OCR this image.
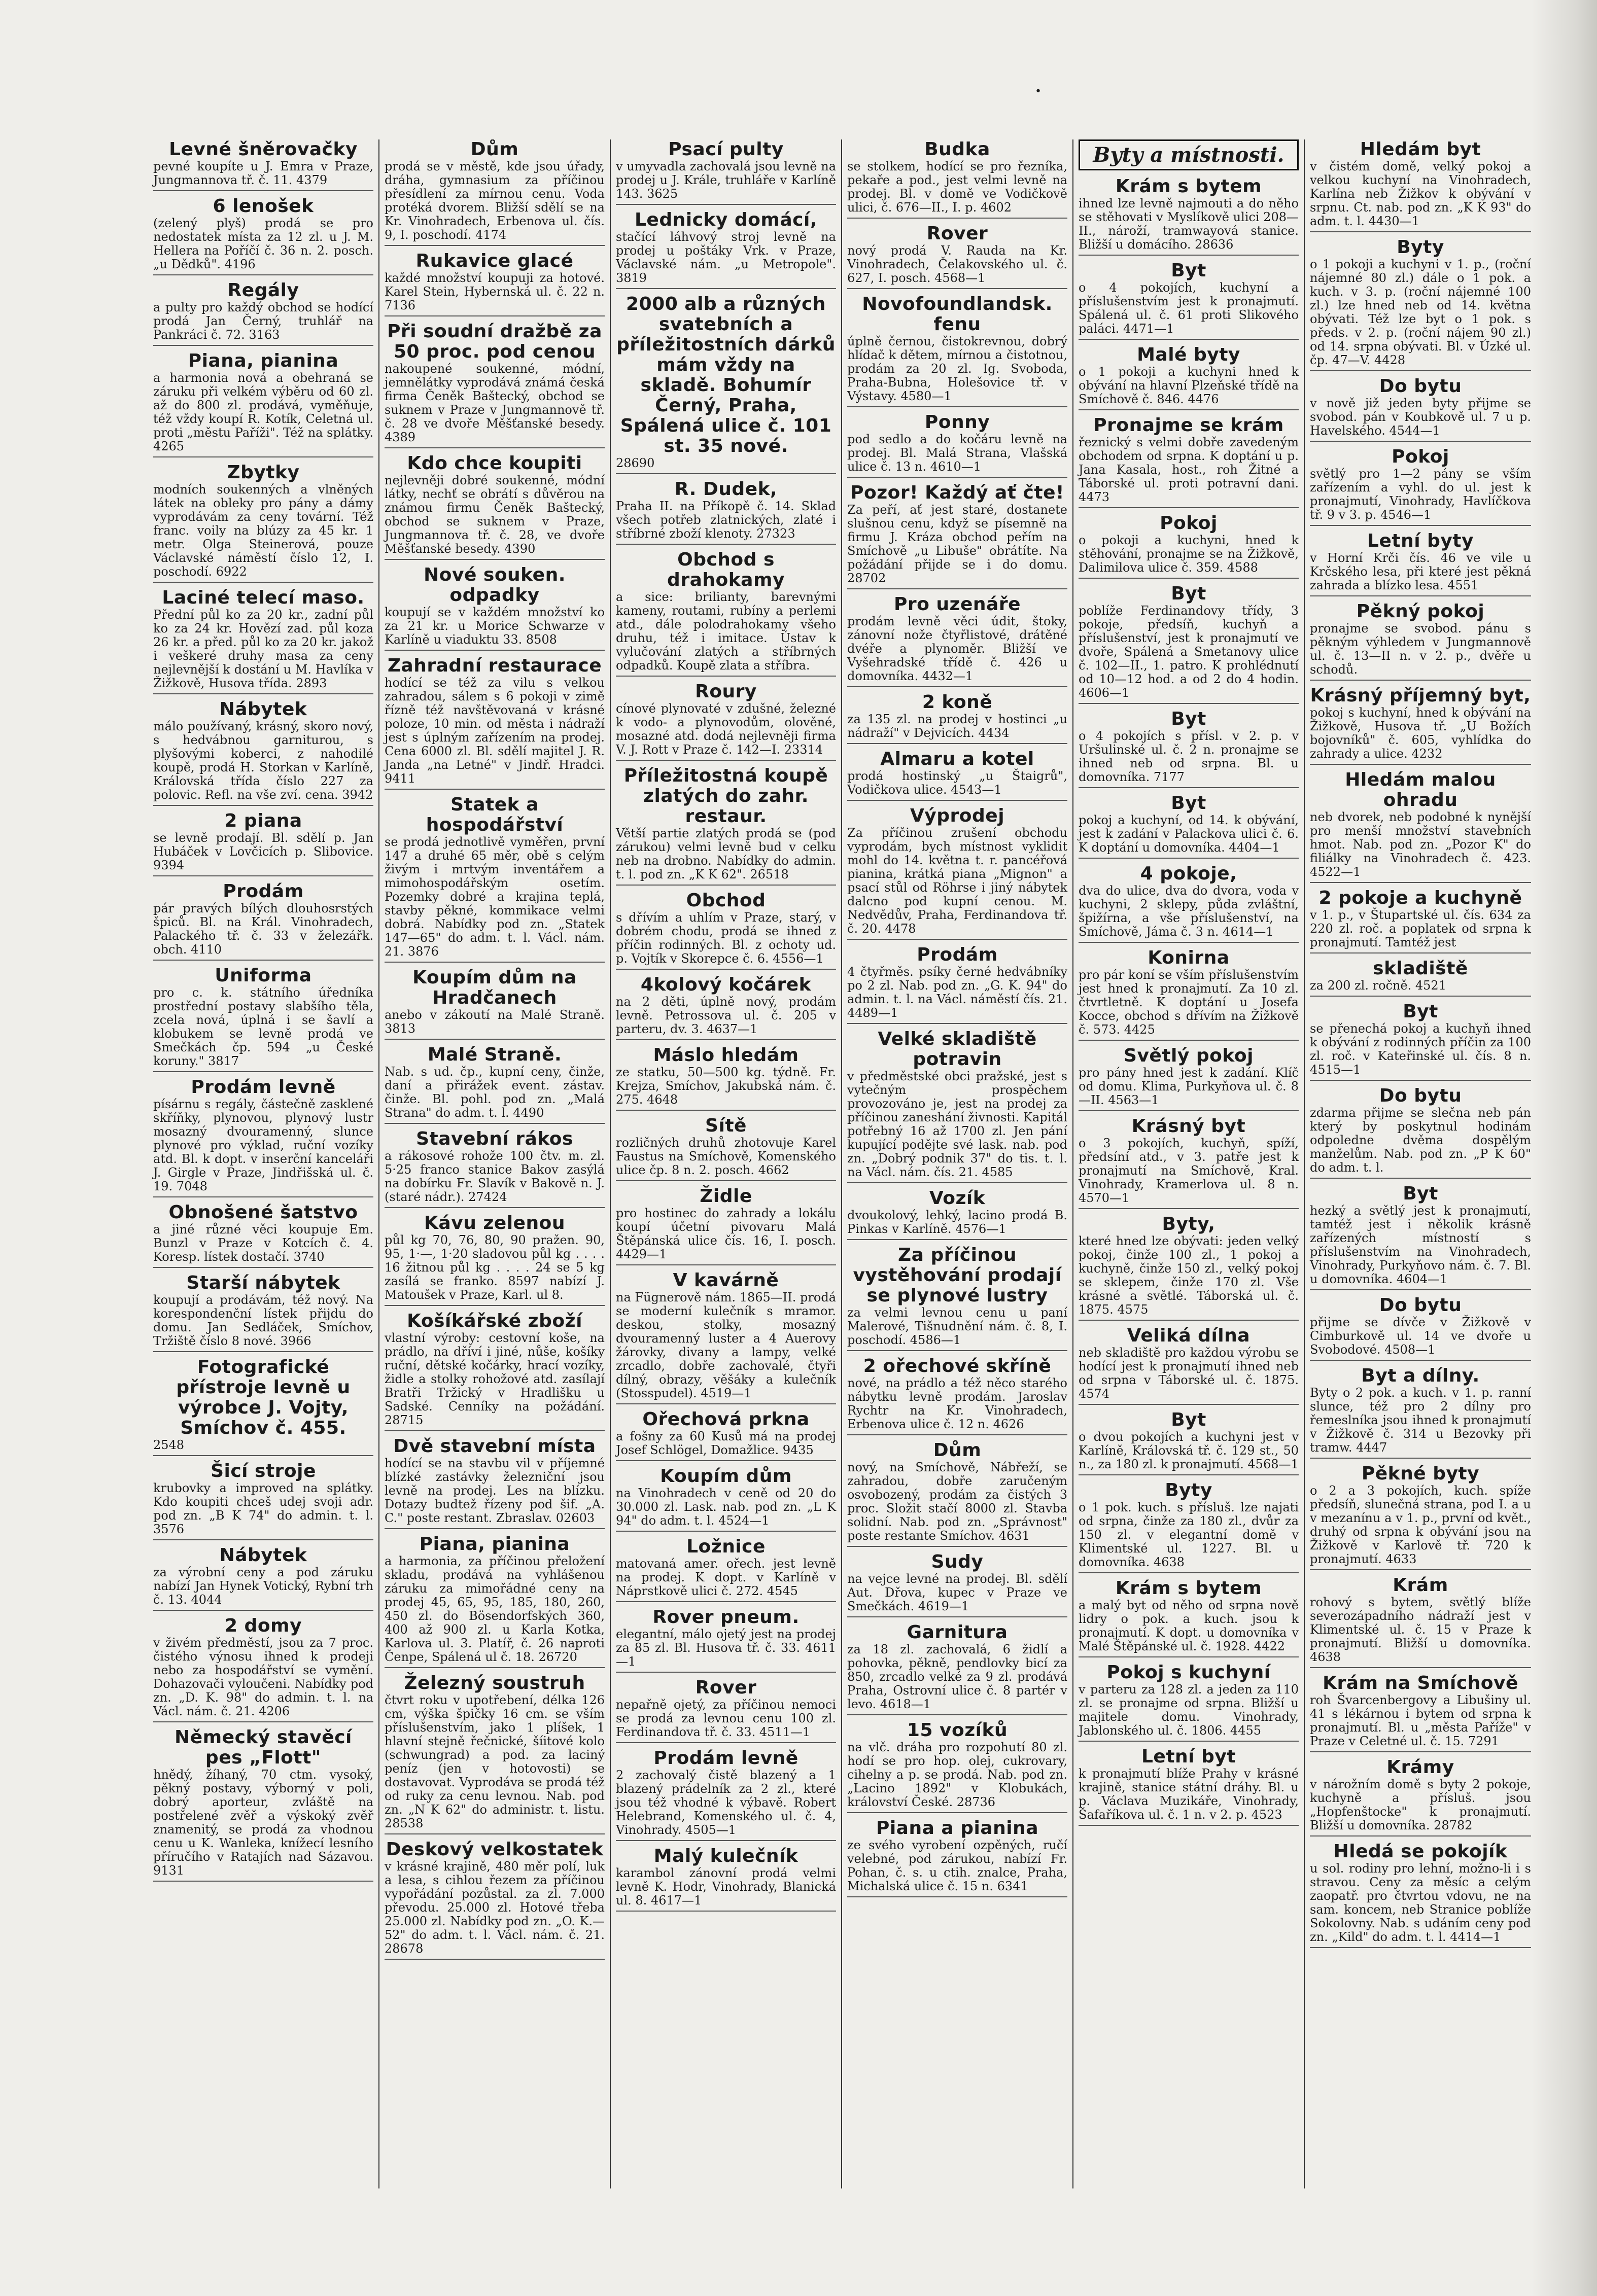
•
Levné šněrovačky

pevné koupíte u J. Emra v Praze, Jungmannova tř. č. 11. 4379

6 lenošek

(zelený plyš) prodá se pro nedostatek místa za 12 zl. u J. M. Hellera na Poříčí č. 36 n. 2. posch. „u Dědků". 4196

Regály

a pulty pro každý obchod se hodící prodá Jan Černý, truhlář na Pankráci č. 72. 3163

Piana, pianina

a harmonia nová a obehraná se záruku při velkém výběru od 60 zl. až do 800 zl. prodává, vyměňuje, též vždy koupí R. Kotík, Celetná ul. proti „městu Paříži". Též na splátky. 4265

Zbytky

modních soukenných a vlněných látek na obleky pro pány a dámy vyprodávám za ceny tovární. Též franc. voily na blúzy za 45 kr. 1 metr. Olga Steinerová, pouze Václavské náměstí číslo 12, I. poschodí. 6922

Laciné telecí maso.

Přední půl ko za 20 kr., zadní půl ko za 24 kr. Hovězí zad. půl koza 26 kr. a před. půl ko za 20 kr. jakož i veškeré druhy masa za ceny nejlevnější k dostání u M. Havlíka v Žižkově, Husova třída. 2893

Nábytek

málo používaný, krásný, skoro nový, s hedvábnou garniturou, s plyšovými koberci, z nahodilé koupě, prodá H. Storkan v Karlíně, Královská třída číslo 227 za polovic. Refl. na vše zví. cena. 3942

2 piana

se levně prodají. Bl. sdělí p. Jan Hubáček v Lovčicích p. Slibovice. 9394

Prodám

pár pravých bílých dlouhosrstých špiců. Bl. na Král. Vinohradech, Palackého tř. č. 33 v železářk. obch. 4110

Uniforma

pro c. k. státního úředníka prostřední postavy slabšího těla, zcela nová, úplná i se šavlí a klobukem se levně prodá ve Smečkách čp. 594 „u České koruny." 3817

Prodám levně

písárnu s regály, částečně zasklené skříňky, plynovou, plynový lustr mosazný dvouramenný, slunce plynové pro výklad, ruční vozíky atd. Bl. k dopt. v inserční kanceláři J. Girgle v Praze, Jindřišská ul. č. 19. 7048

Obnošené šatstvo

a jiné různé věci koupuje Em. Bunzl v Praze v Kotcích č. 4. Koresp. lístek dostačí. 3740

Starší nábytek

koupují a prodávám, též nový. Na korespondenční lístek přijdu do domu. Jan Sedláček, Smíchov, Tržiště číslo 8 nové. 3966

Fotografické přístroje levně u výrobce J. Vojty, Smíchov č. 455.

2548

Šicí stroje

krubovky a improved na splátky. Kdo koupiti chceš udej svoji adr. pod zn. „B K 74" do admin. t. l. 3576

Nábytek

za výrobní ceny a pod záruku nabízí Jan Hynek Votický, Rybní trh č. 13. 4044

2 domy

v živém předměstí, jsou za 7 proc. čistého výnosu ihned k prodeji nebo za hospodářství se vymění. Dohazovači vyloučeni. Nabídky pod zn. „D. K. 98" do admin. t. l. na Václ. nám. č. 21. 4206

Německý stavěcí pes „Flott"

hnědý, žíhaný, 70 ctm. vysoký, pěkný postavy, výborný v poli, dobrý aporteur, zvláště na postřelené zvěř a výskoký zvěř znamenitý, se prodá za vhodnou cenu u K. Wanleka, knížecí lesního příručího v Ratajích nad Sázavou. 9131

Dům

prodá se v městě, kde jsou úřady, dráha, gymnasium za příčinou přesídlení za mírnou cenu. Voda protéká dvorem. Bližší sdělí se na Kr. Vinohradech, Erbenova ul. čís. 9, I. poschodí. 4174

Rukavice glacé

každé množství koupuji za hotové. Karel Stein, Hybernská ul. č. 22 n. 7136

Při soudní dražbě za 50 proc. pod cenou

nakoupené soukenné, módní, jemnělátky vyprodává známá česká firma Čeněk Baštecký, obchod se suknem v Praze v Jungmannově tř. č. 28 ve dvoře Měšťanské besedy. 4389

Kdo chce koupiti

nejlevněji dobré soukenné, módní látky, nechť se obrátí s důvěrou na známou firmu Čeněk Baštecký, obchod se suknem v Praze, Jungmannova tř. č. 28, ve dvoře Měšťanské besedy. 4390

Nové souken. odpadky

koupují se v každém množství ko za 21 kr. u Morice Schwarze v Karlíně u viaduktu 33. 8508

Zahradní restaurace

hodící se též za vilu s velkou zahradou, sálem s 6 pokoji v zimě řízně též navštěvovaná v krásné poloze, 10 min. od města i nádraží jest s úplným zařízením na prodej. Cena 6000 zl. Bl. sdělí majitel J. R. Janda „na Letné" v Jindř. Hradci. 9411

Statek a hospodářství

se prodá jednotlivě vyměřen, první 147 a druhé 65 měr, obě s celým živým i mrtvým inventářem a mimohospodářským osetím. Pozemky dobré a krajina teplá, stavby pěkné, kommikace velmi dobrá. Nabídky pod zn. „Statek 147—65" do adm. t. l. Václ. nám. 21. 3876

Koupím dům na Hradčanech

anebo v zákoutí na Malé Straně. 3813

Malé Straně.

Nab. s ud. čp., kupní ceny, činže, daní a přirážek event. zástav. činže. Bl. pohl. pod zn. „Malá Strana" do adm. t. l. 4490

Stavební rákos

a rákosové rohože 100 čtv. m. zl. 5·25 franco stanice Bakov zasýlá na dobírku Fr. Slavík v Bakově n. J. (staré nádr.). 27424

Kávu zelenou

půl kg 70, 76, 80, 90 pražen. 90, 95, 1·—, 1·20 sladovou půl kg . . . . 16 žitnou půl kg . . . . 24 se 5 kg zasílá se franko. 8597 nabízí J. Matoušek v Praze, Karl. ul 8.

Košíkářské zboží

vlastní výroby: cestovní koše, na prádlo, na dříví i jiné, nůše, košíky ruční, dětské kočárky, hrací vozíky, židle a stolky rohožové atd. zasílají Bratři Tržický v Hradlišku u Sadské. Cenníky na požádání. 28715

Dvě stavební místa

hodící se na stavbu vil v příjemné blízké zastávky železniční jsou levně na prodej. Les na blízku. Dotazy budtež řízeny pod šif. „A. C." poste restant. Zbraslav. 02603

Piana, pianina

a harmonia, za příčinou přeložení skladu, prodává na vyhlášenou záruku za mimořádné ceny na prodej 45, 65, 95, 185, 180, 260, 450 zl. do Bösendorfských 360, 400 až 900 zl. u Karla Kotka, Karlova ul. 3. Platíř, č. 26 naproti Čenpe, Spálená ul č. 18. 26720

Železný soustruh

čtvrt roku v upotřebení, délka 126 cm, výška špičky 16 cm. se vším příslušenstvím, jako 1 plíšek, 1 hlavní stejně řečnické, šíitové kolo (schwungrad) a pod. za laciný peníz (jen v hotovosti) se dostavovat. Vyprodáva se prodá též od ruky za cenu levnou. Nab. pod zn. „N K 62" do administr. t. listu. 28538

Deskový velkostatek

v krásné krajině, 480 měr polí, luk a lesa, s cihlou řezem za příčinou vypořádání pozůstal. za zl. 7.000 převodu. 25.000 zl. Hotové třeba 25.000 zl. Nabídky pod zn. „O. K.—52" do adm. t. l. Václ. nám. č. 21. 28678

Psací pulty

v umyvadla zachovalá jsou levně na prodej u J. Krále, truhláře v Karlíně 143. 3625

Lednicky domácí,

stačící láhvový stroj levně na prodej u poštáky Vrk. v Praze, Václavské nám. „u Metropole". 3819

2000 alb a různých svatebních a příležitostních dárků mám vždy na skladě. Bohumír Černý, Praha, Spálená ulice č. 101 st. 35 nové.

28690

R. Dudek,

Praha II. na Příkopě č. 14. Sklad všech potřeb zlatnických, zlaté i stříbrné zboží klenoty. 27323

Obchod s drahokamy

a sice: brilianty, barevnými kameny, routami, rubíny a perlemi atd., dále polodrahokamy všeho druhu, též i imitace. Ústav k vylučování zlatých a stříbrných odpadků. Koupě zlata a stříbra.

Roury

cínové plynovaté v zdušné, železné k vodo- a plynovodům, olověné, mosazné atd. dodá nejlevněji firma V. J. Rott v Praze č. 142—I. 23314

Příležitostná koupě zlatých do zahr. restaur.

Větší partie zlatých prodá se (pod zárukou) velmi levně bud v celku neb na drobno. Nabídky do admin. t. l. pod zn. „K K 62". 26518

Obchod

s dřívím a uhlím v Praze, starý, v dobrém chodu, prodá se ihned z příčin rodinných. Bl. z ochoty ud. p. Vojtík v Skorepce č. 6. 4556—1

4kolový kočárek

na 2 děti, úplně nový, prodám levně. Petrossova ul. č. 205 v parteru, dv. 3. 4637—1

Máslo hledám

ze statku, 50—500 kg. týdně. Fr. Krejza, Smíchov, Jakubská nám. č. 275. 4648

Sítě

rozličných druhů zhotovuje Karel Faustus na Smíchově, Komenského ulice čp. 8 n. 2. posch. 4662

Židle

pro hostinec do zahrady a lokálu koupí účetní pivovaru Malá Štěpánská ulice čís. 16, I. posch. 4429—1

V kavárně

na Fügnerově nám. 1865—II. prodá se moderní kulečník s mramor. deskou, stolky, mosazný dvouramenný luster a 4 Auerovy žárovky, divany a lampy, velké zrcadlo, dobře zachovalé, čtyři dílný, obrazy, věšáky a kulečník (Stosspudel). 4519—1

Ořechová prkna

a fošny za 60 Kusů má na prodej Josef Schlögel, Domažlice. 9435

Koupím dům

na Vinohradech v ceně od 20 do 30.000 zl. Lask. nab. pod zn. „L K 94" do adm. t. l. 4524—1

Ložnice

matovaná amer. ořech. jest levně na prodej. K dopt. v Karlíně v Náprstkově ulici č. 272. 4545

Rover pneum.

elegantní, málo ojetý jest na prodej za 85 zl. Bl. Husova tř. č. 33. 4611—1

Rover

nepařně ojetý, za příčinou nemoci se prodá za levnou cenu 100 zl. Ferdinandova tř. č. 33. 4511—1

Prodám levně

2 zachovalý čistě blazený a 1 blazený prádelník za 2 zl., které jsou též vhodné k výbavě. Robert Helebrand, Komenského ul. č. 4, Vinohrady. 4505—1

Malý kulečník

karambol zánovní prodá velmi levně K. Hodr, Vinohrady, Blanická ul. 8. 4617—1

Budka

se stolkem, hodící se pro řezníka, pekaře a pod., jest velmi levně na prodej. Bl. v domě ve Vodičkově ulici, č. 676—II., I. p. 4602

Rover

nový prodá V. Rauda na Kr. Vinohradech, Čelakovského ul. č. 627, I. posch. 4568—1

Novofoundlandsk. fenu

úplně černou, čistokrevnou, dobrý hlídač k dětem, mírnou a čistotnou, prodám za 20 zl. Ig. Svoboda, Praha-Bubna, Holešovice tř. v Výstavy. 4580—1

Ponny

pod sedlo a do kočáru levně na prodej. Bl. Malá Strana, Vlašská ulice č. 13 n. 4610—1

Pozor! Každý ať čte!

Za peří, ať jest staré, dostanete slušnou cenu, když se písemně na firmu J. Kráza obchod peřím na Smíchově „u Libuše" obrátíte. Na požádání přijde se i do domu. 28702

Pro uzenáře

prodám levně věci údit, štoky, zánovní nože čtyřlistové, drátěné dvéře a plynoměr. Bližší ve Vyšehradské třídě č. 426 u domovníka. 4432—1

2 koně

za 135 zl. na prodej v hostinci „u nádraží" v Dejvicích. 4434

Almaru a kotel

prodá hostinský „u Štaigrů", Vodičkova ulice. 4543—1

Výprodej

Za příčinou zrušení obchodu vyprodám, bych místnost vyklidit mohl do 14. května t. r. pancéřová pianina, krátká piana „Mignon" a psací stůl od Röhrse i jiný nábytek dalcno pod kupní cenou. M. Nedvědův, Praha, Ferdinandova tř. č. 20. 4478

Prodám

4 čtyřměs. psíky černé hedvábníky po 2 zl. Nab. pod zn. „G. K. 94" do admin. t. l. na Václ. náměstí čís. 21. 4489—1

Velké skladiště potravin

v předměstské obci pražské, jest s vytečným prospěchem provozováno je, jest na prodej za příčinou zaneshání živnosti. Kapitál potřebný 16 až 1700 zl. Jen pání kupující podějte své lask. nab. pod zn. „Dobrý podnik 37" do tis. t. l. na Václ. nám. čís. 21. 4585

Vozík

dvoukolový, lehký, lacino prodá B. Pinkas v Karlíně. 4576—1

Za příčinou vystěhování prodají se plynové lustry

za velmi levnou cenu u paní Malerové, Tišnudnění nám. č. 8, I. poschodí. 4586—1

2 ořechové skříně

nové, na prádlo a též něco starého nábytku levně prodám. Jaroslav Rychtr na Kr. Vinohradech, Erbenova ulice č. 12 n. 4626

Dům

nový, na Smíchově, Nábřeží, se zahradou, dobře zaručeným osvobozený, prodám za čistých 3 proc. Složit stačí 8000 zl. Stavba solidní. Nab. pod zn. „Správnost" poste restante Smíchov. 4631

Sudy

na vejce levné na prodej. Bl. sdělí Aut. Dřova, kupec v Praze ve Smečkách. 4619—1

Garnitura

za 18 zl. zachovalá, 6 židlí a pohovka, pěkně, pendlovky bicí za 850, zrcadlo velké za 9 zl. prodává Praha, Ostrovní ulice č. 8 partér v levo. 4618—1

15 vozíků

na vlč. dráha pro rozpohutí 80 zl. hodí se pro hop. olej, cukrovary, cihelny a p. se prodá. Nab. pod zn. „Lacino 1892" v Klobukách, království České. 28736

Piana a pianina

ze svého vyrobení ozpěných, ručí velebné, pod zárukou, nabízí Fr. Pohan, č. s. u ctih. znalce, Praha, Michalská ulice č. 15 n. 6341

Byty a místnosti.
Krám s bytem

ihned lze levně najmouti a do něho se stěhovati v Myslíkově ulici 208—II., nároží, tramwayová stanice. Bližší u domácího. 28636

Byt

o 4 pokojích, kuchyní a příslušenstvím jest k pronajmutí. Spálená ul. č. 61 proti Slikového paláci. 4471—1

Malé byty

o 1 pokoji a kuchyni hned k obývání na hlavní Plzeňské třídě na Smíchově č. 846. 4476

Pronajme se krám

řeznický s velmi dobře zavedeným obchodem od srpna. K doptání u p. Jana Kasala, host., roh Žitné a Táborské ul. proti potravní dani. 4473

Pokoj

o pokoji a kuchyni, hned k stěhování, pronajme se na Žižkově, Dalimilova ulice č. 359. 4588

Byt

poblíže Ferdinandovy třídy, 3 pokoje, předsíň, kuchyň a příslušenství, jest k pronajmutí ve dvoře, Spálená a Smetanovy ulice č. 102—II., 1. patro. K prohlédnutí od 10—12 hod. a od 2 do 4 hodin. 4606—1

Byt

o 4 pokojích s přísl. v 2. p. v Uršulinské ul. č. 2 n. pronajme se ihned neb od srpna. Bl. u domovníka. 7177

Byt

pokoj a kuchyní, od 14. k obývání, jest k zadání v Palackova ulici č. 6. K doptání u domovníka. 4404—1

4 pokoje,

dva do ulice, dva do dvora, voda v kuchyni, 2 sklepy, půda zvláštní, špižírna, a vše příslušenství, na Smíchově, Jáma č. 3 n. 4614—1

Konirna

pro pár koní se vším příslušenstvím jest hned k pronajmutí. Za 10 zl. čtvrtletně. K doptání u Josefa Kocce, obchod s dřívím na Žižkově č. 573. 4425

Světlý pokoj

pro pány hned jest k zadání. Klíč od domu. Klima, Purkyňova ul. č. 8—II. 4563—1

Krásný byt

o 3 pokojích, kuchyň, spíží, předsíní atd., v 3. patře jest k pronajmutí na Smíchově, Kral. Vinohrady, Kramerlova ul. 8 n. 4570—1

Byty,

které hned lze obývati: jeden velký pokoj, činže 100 zl., 1 pokoj a kuchyně, činže 150 zl., velký pokoj se sklepem, činže 170 zl. Vše krásné a světlé. Táborská ul. č. 1875. 4575

Veliká dílna

neb skladiště pro každou výrobu se hodící jest k pronajmutí ihned neb od srpna v Táborské ul. č. 1875. 4574

Byt

o dvou pokojích a kuchyni jest v Karlíně, Královská tř. č. 129 st., 50 n., za 180 zl. k pronajmutí. 4568—1

Byty

o 1 pok. kuch. s přísluš. lze najati od srpna, činže za 180 zl., dvůr za 150 zl. v elegantní domě v Klimentské ul. 1227. Bl. u domovníka. 4638

Krám s bytem

a malý byt od něho od srpna nově lidry o pok. a kuch. jsou k pronajmutí. K dopt. u domovníka v Malé Štěpánské ul. č. 1928. 4422

Pokoj s kuchyní

v parteru za 128 zl. a jeden za 110 zl. se pronajme od srpna. Bližší u majitele domu. Vinohrady, Jablonského ul. č. 1806. 4455

Letní byt

k pronajmutí blíže Prahy v krásné krajině, stanice státní dráhy. Bl. u p. Václava Muzikáře, Vinohrady, Šafaříkova ul. č. 1 n. v 2. p. 4523

Hledám byt

v čistém domě, velký pokoj a velkou kuchyní na Vinohradech, Karlína neb Žižkov k obývání v srpnu. Ct. nab. pod zn. „K K 93" do adm. t. l. 4430—1

Byty

o 1 pokoji a kuchyni v 1. p., (roční nájemné 80 zl.) dále o 1 pok. a kuch. v 3. p. (roční nájemné 100 zl.) lze hned neb od 14. května obývati. Též lze byt o 1 pok. s předs. v 2. p. (roční nájem 90 zl.) od 14. srpna obývati. Bl. v Úzké ul. čp. 47—V. 4428

Do bytu

v nově již jeden byty přijme se svobod. pán v Koubkově ul. 7 u p. Havelského. 4544—1

Pokoj

světlý pro 1—2 pány se vším zařízením a vyhl. do ul. jest k pronajmutí, Vinohrady, Havlíčkova tř. 9 v 3. p. 4546—1

Letní byty

v Horní Krči čís. 46 ve vile u Krčského lesa, při které jest pěkná zahrada a blízko lesa. 4551

Pěkný pokoj

pronajme se svobod. pánu s pěkným výhledem v Jungmannově ul. č. 13—II n. v 2. p., dvěře u schodů.

Krásný příjemný byt,

pokoj s kuchyní, hned k obývání na Žižkově, Husova tř. „U Božích bojovníků" č. 605, vyhlídka do zahrady a ulice. 4232

Hledám malou ohradu

neb dvorek, neb podobné k nynější pro menší množství stavebních hmot. Nab. pod zn. „Pozor K" do filiálky na Vinohradech č. 423. 4522—1

2 pokoje a kuchyně

v 1. p., v Štupartské ul. čís. 634 za 220 zl. roč. a poplatek od srpna k pronajmutí. Tamtéž jest

skladiště

za 200 zl. ročně. 4521

Byt

se přenechá pokoj a kuchyň ihned k obývání z rodinných příčin za 100 zl. roč. v Kateřinské ul. čís. 8 n. 4515—1

Do bytu

zdarma přijme se slečna neb pán který by poskytnul hodinám odpoledne dvěma dospělým manželům. Nab. pod zn. „P K 60" do adm. t. l.

Byt

hezký a světlý jest k pronajmutí, tamtéž jest i několik krásně zařízených místností s příslušenstvím na Vinohradech, Vinohrady, Purkyňovo nám. č. 7. Bl. u domovníka. 4604—1

Do bytu

přijme se dívče v Žižkově v Cimburkově ul. 14 ve dvoře u Svobodové. 4508—1

Byt a dílny.

Byty o 2 pok. a kuch. v 1. p. ranní slunce, též pro 2 dílny pro řemeslníka jsou ihned k pronajmutí v Žižkově č. 314 u Bezovky při tramw. 4447

Pěkné byty

o 2 a 3 pokojích, kuch. spíže předsíň, slunečná strana, pod I. a u v mezanínu a v 1. p., první od květ., druhý od srpna k obývání jsou na Žižkově v Karlově tř. 720 k pronajmutí. 4633

Krám

rohový s bytem, světlý blíže severozápadního nádraží jest v Klimentské ul. č. 15 v Praze k pronajmutí. Bližší u domovníka. 4638

Krám na Smíchově

roh Švarcenbergovy a Libušiny ul. 41 s lékárnou i bytem od srpna k pronajmutí. Bl. u „města Paříže" v Praze v Celetné ul. č. 15. 7291

Krámy

v nárožním domě s byty 2 pokoje, kuchyně a přísluš. jsou „Hopfenštocke" k pronajmutí. Bližší u domovníka. 28782

Hledá se pokojík

u sol. rodiny pro lehní, možno-li i s stravou. Ceny za měsíc a celým zaopatř. pro čtvrtou vdovu, ne na sam. koncem, neb Stranice poblíže Sokolovny. Nab. s udáním ceny pod zn. „Kild" do adm. t. l. 4414—1
